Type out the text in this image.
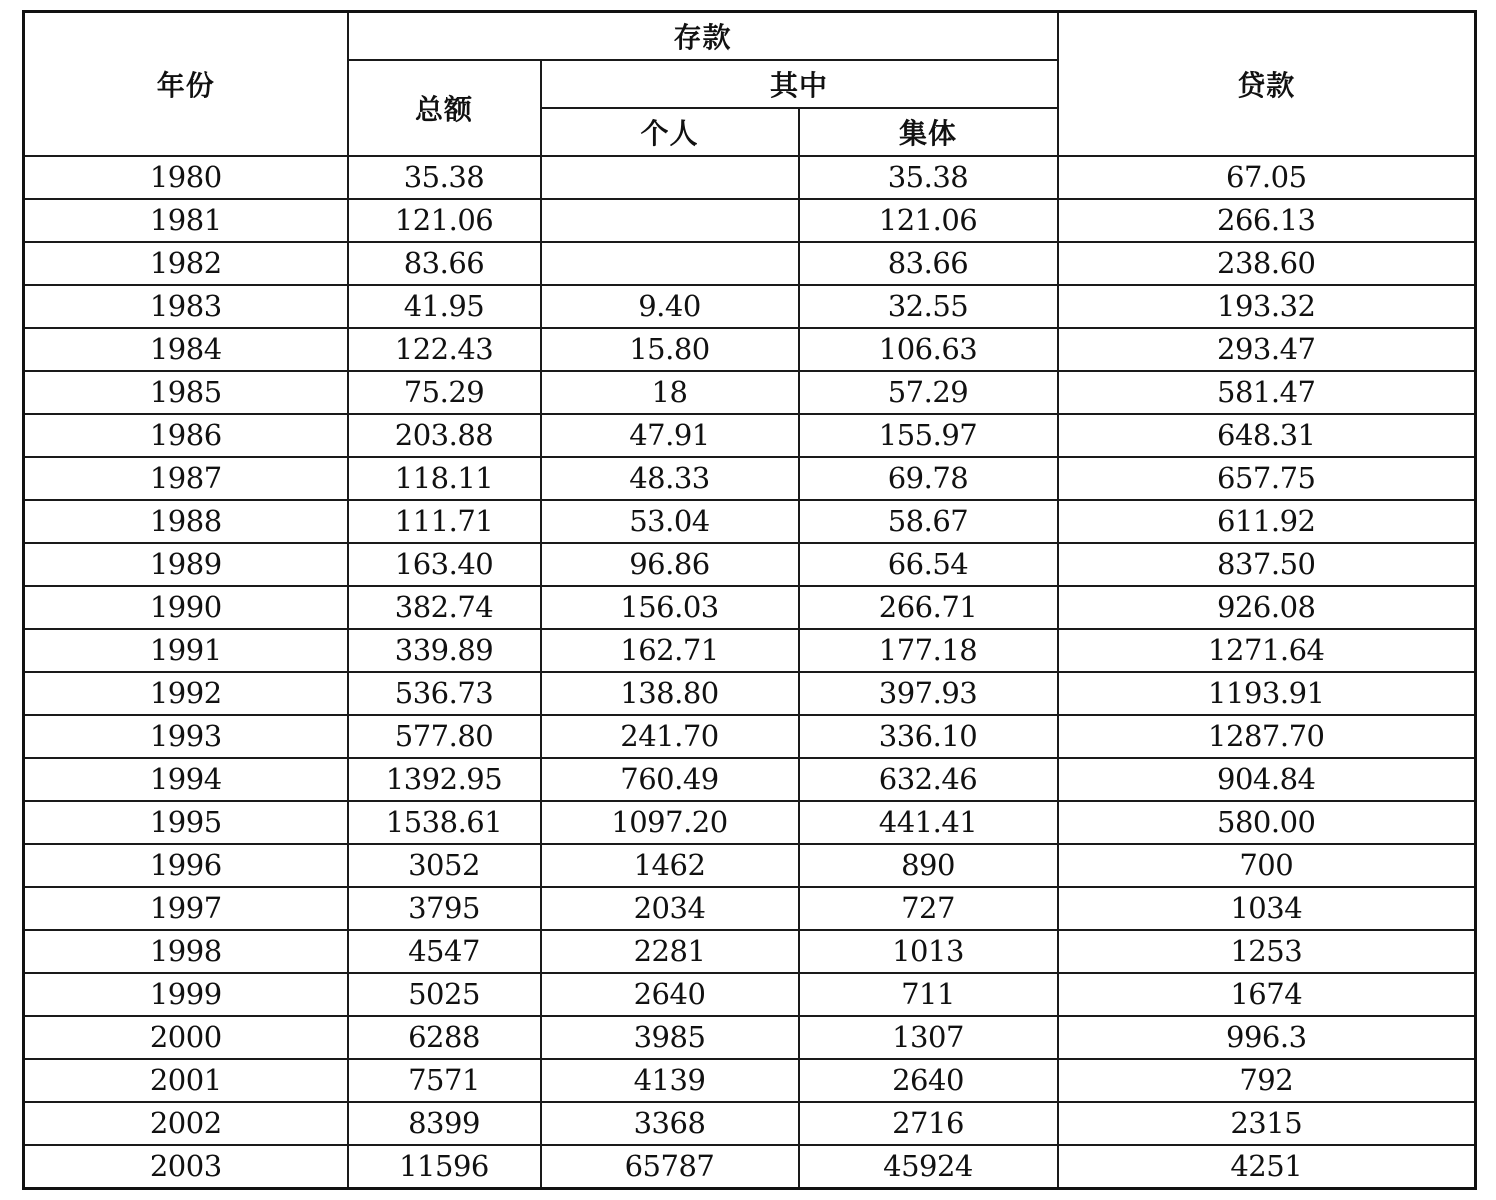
年份	存款			贷款
	总额	其中		
		个人	集体	
1980	35.38		35.38	67.05
1981	121.06		121.06	266.13
1982	83.66		83.66	238.60
1983	41.95	9.40	32.55	193.32
1984	122.43	15.80	106.63	293.47
1985	75.29	18	57.29	581.47
1986	203.88	47.91	155.97	648.31
1987	118.11	48.33	69.78	657.75
1988	111.71	53.04	58.67	611.92
1989	163.40	96.86	66.54	837.50
1990	382.74	156.03	266.71	926.08
1991	339.89	162.71	177.18	1271.64
1992	536.73	138.80	397.93	1193.91
1993	577.80	241.70	336.10	1287.70
1994	1392.95	760.49	632.46	904.84
1995	1538.61	1097.20	441.41	580.00
1996	3052	1462	890	700
1997	3795	2034	727	1034
1998	4547	2281	1013	1253
1999	5025	2640	711	1674
2000	6288	3985	1307	996.3
2001	7571	4139	2640	792
2002	8399	3368	2716	2315
2003	11596	65787	45924	4251
